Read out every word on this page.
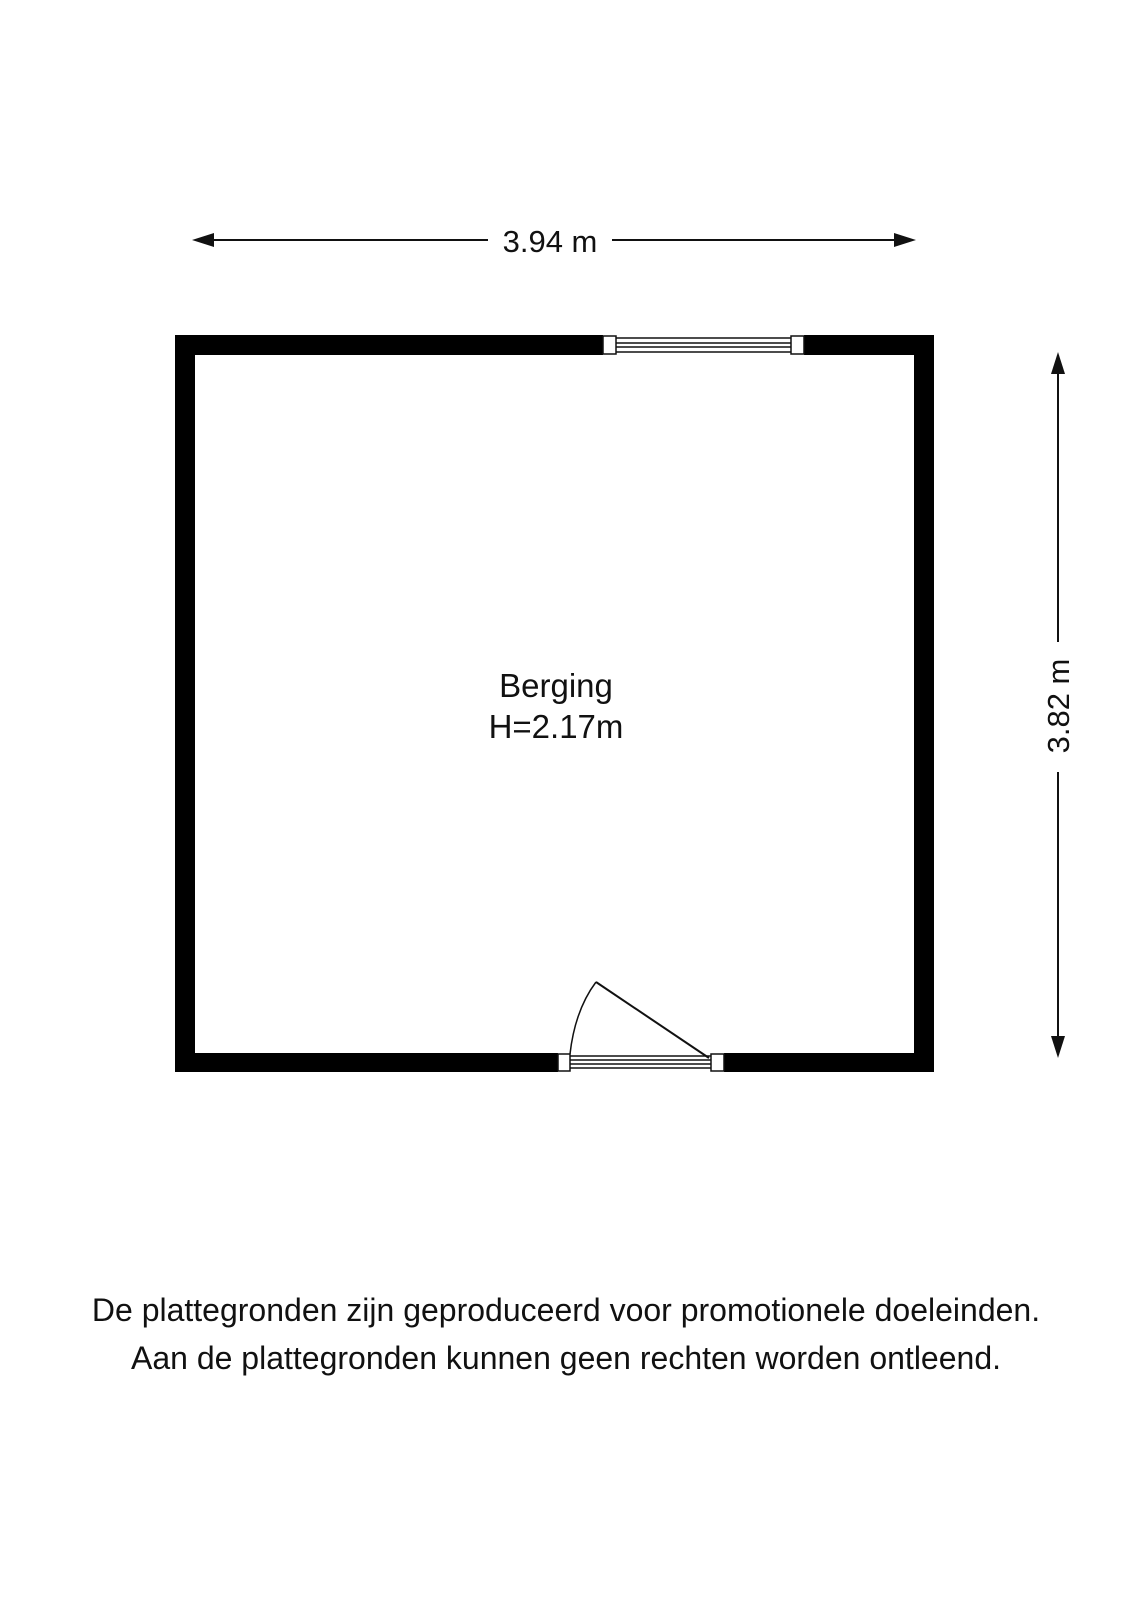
3.94 m
3.82 m
Berging
H=2.17m
De plattegronden zijn geproduceerd voor promotionele doeleinden.
Aan de plattegronden kunnen geen rechten worden ontleend.
